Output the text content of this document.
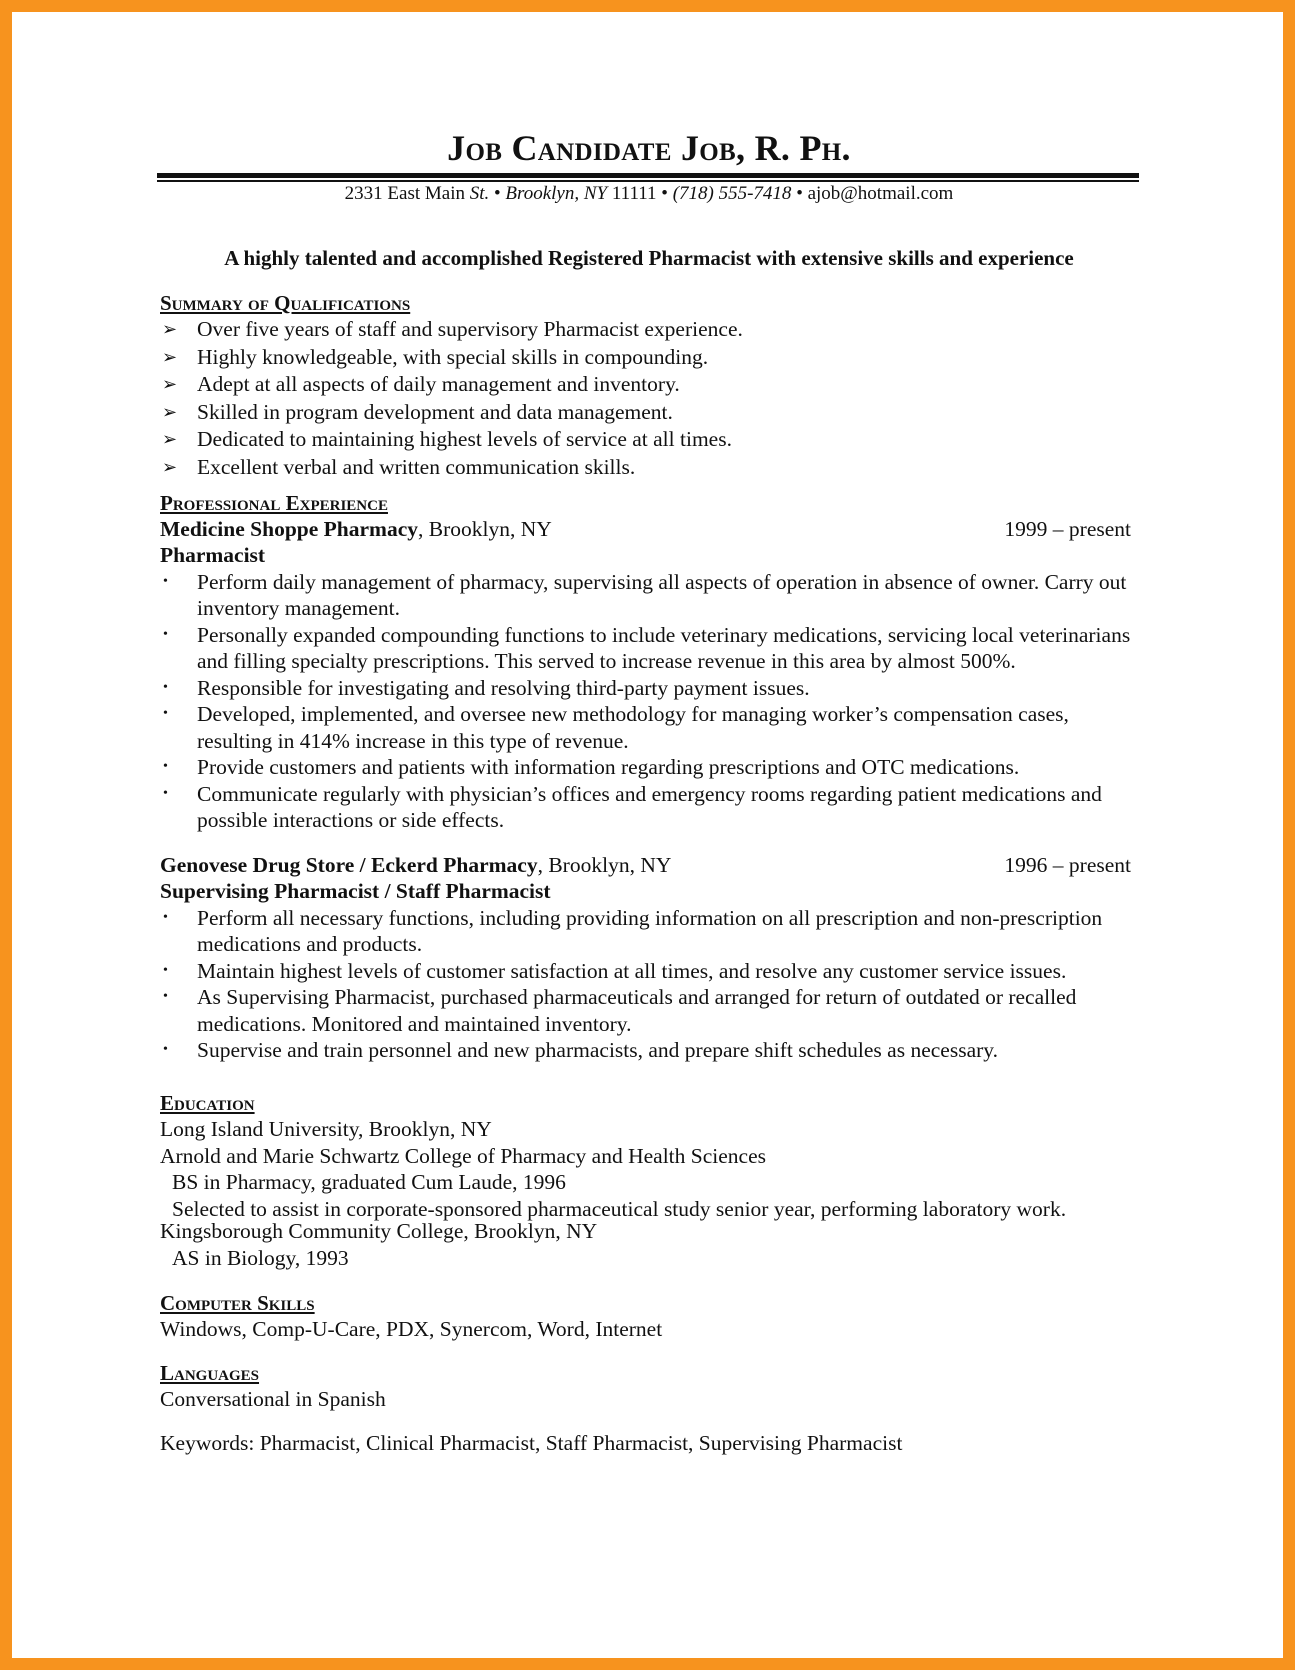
Job Candidate Job, R. Ph.
2331 East Main St. • Brooklyn, NY 11111 • (718) 555-7418 • ajob@hotmail.com
A highly talented and accomplished Registered Pharmacist with extensive skills and experience
Summary of Qualifications
➢ Over five years of staff and supervisory Pharmacist experience.
➢ Highly knowledgeable, with special skills in compounding.
➢ Adept at all aspects of daily management and inventory.
➢ Skilled in program development and data management.
➢ Dedicated to maintaining highest levels of service at all times.
➢ Excellent verbal and written communication skills.
Professional Experience
Medicine Shoppe Pharmacy, Brooklyn, NY	1999 – present
Pharmacist
• Perform daily management of pharmacy, supervising all aspects of operation in absence of owner. Carry out inventory management.
• Personally expanded compounding functions to include veterinary medications, servicing local veterinarians and filling specialty prescriptions. This served to increase revenue in this area by almost 500%.
• Responsible for investigating and resolving third-party payment issues.
• Developed, implemented, and oversee new methodology for managing worker’s compensation cases, resulting in 414% increase in this type of revenue.
• Provide customers and patients with information regarding prescriptions and OTC medications.
• Communicate regularly with physician’s offices and emergency rooms regarding patient medications and possible interactions or side effects.
Genovese Drug Store / Eckerd Pharmacy, Brooklyn, NY	1996 – present
Supervising Pharmacist / Staff Pharmacist
• Perform all necessary functions, including providing information on all prescription and non-prescription medications and products.
• Maintain highest levels of customer satisfaction at all times, and resolve any customer service issues.
• As Supervising Pharmacist, purchased pharmaceuticals and arranged for return of outdated or recalled medications. Monitored and maintained inventory.
• Supervise and train personnel and new pharmacists, and prepare shift schedules as necessary.
Education
Long Island University, Brooklyn, NY
Arnold and Marie Schwartz College of Pharmacy and Health Sciences
BS in Pharmacy, graduated Cum Laude, 1996
Selected to assist in corporate-sponsored pharmaceutical study senior year, performing laboratory work.
Kingsborough Community College, Brooklyn, NY
AS in Biology, 1993
Computer Skills
Windows, Comp-U-Care, PDX, Synercom, Word, Internet
Languages
Conversational in Spanish
Keywords: Pharmacist, Clinical Pharmacist, Staff Pharmacist, Supervising Pharmacist
